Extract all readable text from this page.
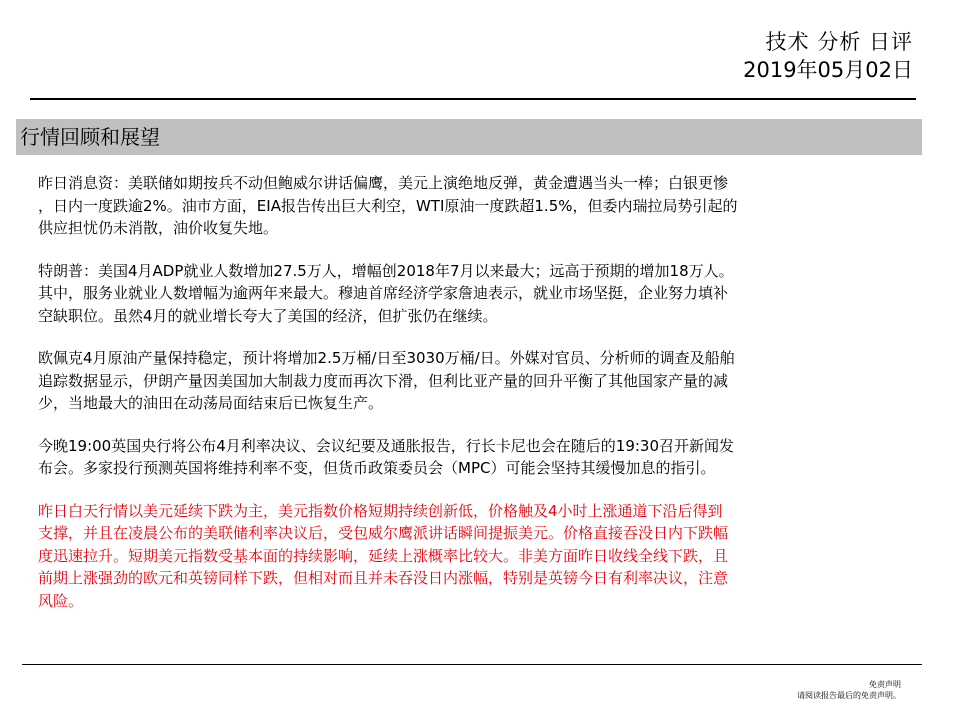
技术 分析 日评
2019年05月02日
行情回顾和展望

昨日消息资：美联储如期按兵不动但鲍威尔讲话偏鹰，美元上演绝地反弹，黄金遭遇当头一棒；白银更惨
，日内一度跌逾2%。油市方面，EIA报告传出巨大利空，WTI原油一度跌超1.5%，但委内瑞拉局势引起的
供应担忧仍未消散，油价收复失地。

特朗普：美国4月ADP就业人数增加27.5万人，增幅创2018年7月以来最大；远高于预期的增加18万人。
其中，服务业就业人数增幅为逾两年来最大。穆迪首席经济学家詹迪表示，就业市场坚挺，企业努力填补
空缺职位。虽然4月的就业增长夸大了美国的经济，但扩张仍在继续。

欧佩克4月原油产量保持稳定，预计将增加2.5万桶/日至3030万桶/日。外媒对官员、分析师的调查及船舶
追踪数据显示，伊朗产量因美国加大制裁力度而再次下滑，但利比亚产量的回升平衡了其他国家产量的减
少，当地最大的油田在动荡局面结束后已恢复生产。

今晚19:00英国央行将公布4月利率决议、会议纪要及通胀报告，行长卡尼也会在随后的19:30召开新闻发
布会。多家投行预测英国将维持利率不变，但货币政策委员会（MPC）可能会坚持其缓慢加息的指引。

昨日白天行情以美元延续下跌为主，美元指数价格短期持续创新低，价格触及4小时上涨通道下沿后得到
支撑，并且在凌晨公布的美联储利率决议后，受包威尔鹰派讲话瞬间提振美元。价格直接吞没日内下跌幅
度迅速拉升。短期美元指数受基本面的持续影响，延续上涨概率比较大。非美方面昨日收线全线下跌，且
前期上涨强劲的欧元和英镑同样下跌，但相对而且并未吞没日内涨幅，特别是英镑今日有利率决议，注意
风险。

免责声明
请阅读报告最后的免责声明。
